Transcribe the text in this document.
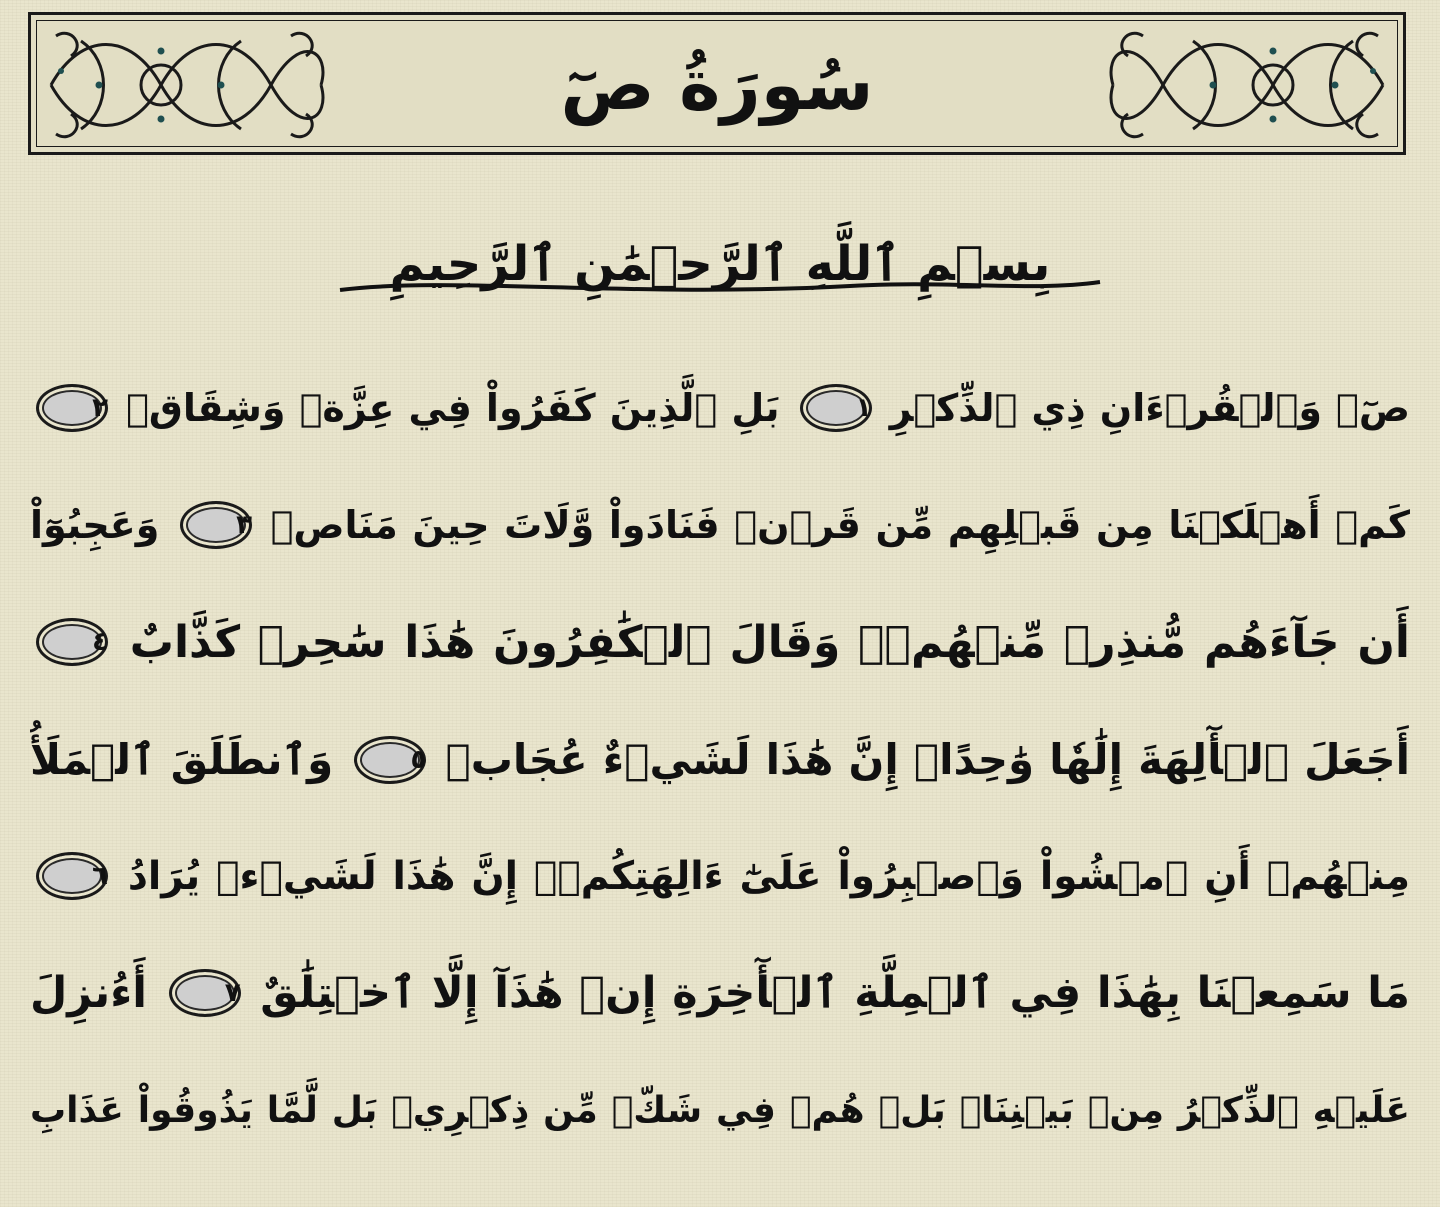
سُورَةُ صٓ
بِسۡمِ ٱللَّهِ ٱلرَّحۡمَٰنِ ٱلرَّحِيمِ
صٓۚ وَٱلۡقُرۡءَانِ ذِي ٱلذِّكۡرِ
١
بَلِ ٱلَّذِينَ كَفَرُواْ فِي عِزَّةٖ وَشِقَاقٖ
٢
كَمۡ أَهۡلَكۡنَا مِن قَبۡلِهِم مِّن قَرۡنٖ فَنَادَواْ وَّلَاتَ حِينَ مَنَاصٖ
٣
وَعَجِبُوٓاْ
أَن جَآءَهُم مُّنذِرٞ مِّنۡهُمۡۖ وَقَالَ ٱلۡكَٰفِرُونَ هَٰذَا سَٰحِرٞ كَذَّابٌ
٤
أَجَعَلَ ٱلۡأٓلِهَةَ إِلَٰهٗا وَٰحِدًاۖ إِنَّ هَٰذَا لَشَيۡءٌ عُجَابٞ
٥
وَٱنطَلَقَ ٱلۡمَلَأُ
مِنۡهُمۡ أَنِ ٱمۡشُواْ وَٱصۡبِرُواْ عَلَىٰٓ ءَالِهَتِكُمۡۖ إِنَّ هَٰذَا لَشَيۡءٞ يُرَادُ
٦
مَا سَمِعۡنَا بِهَٰذَا فِي ٱلۡمِلَّةِ ٱلۡأٓخِرَةِ إِنۡ هَٰذَآ إِلَّا ٱخۡتِلَٰقٌ
٧
أَءُنزِلَ
عَلَيۡهِ ٱلذِّكۡرُ مِنۢ بَيۡنِنَاۚ بَلۡ هُمۡ فِي شَكّٖ مِّن ذِكۡرِيۚ بَل لَّمَّا يَذُوقُواْ عَذَابِ
